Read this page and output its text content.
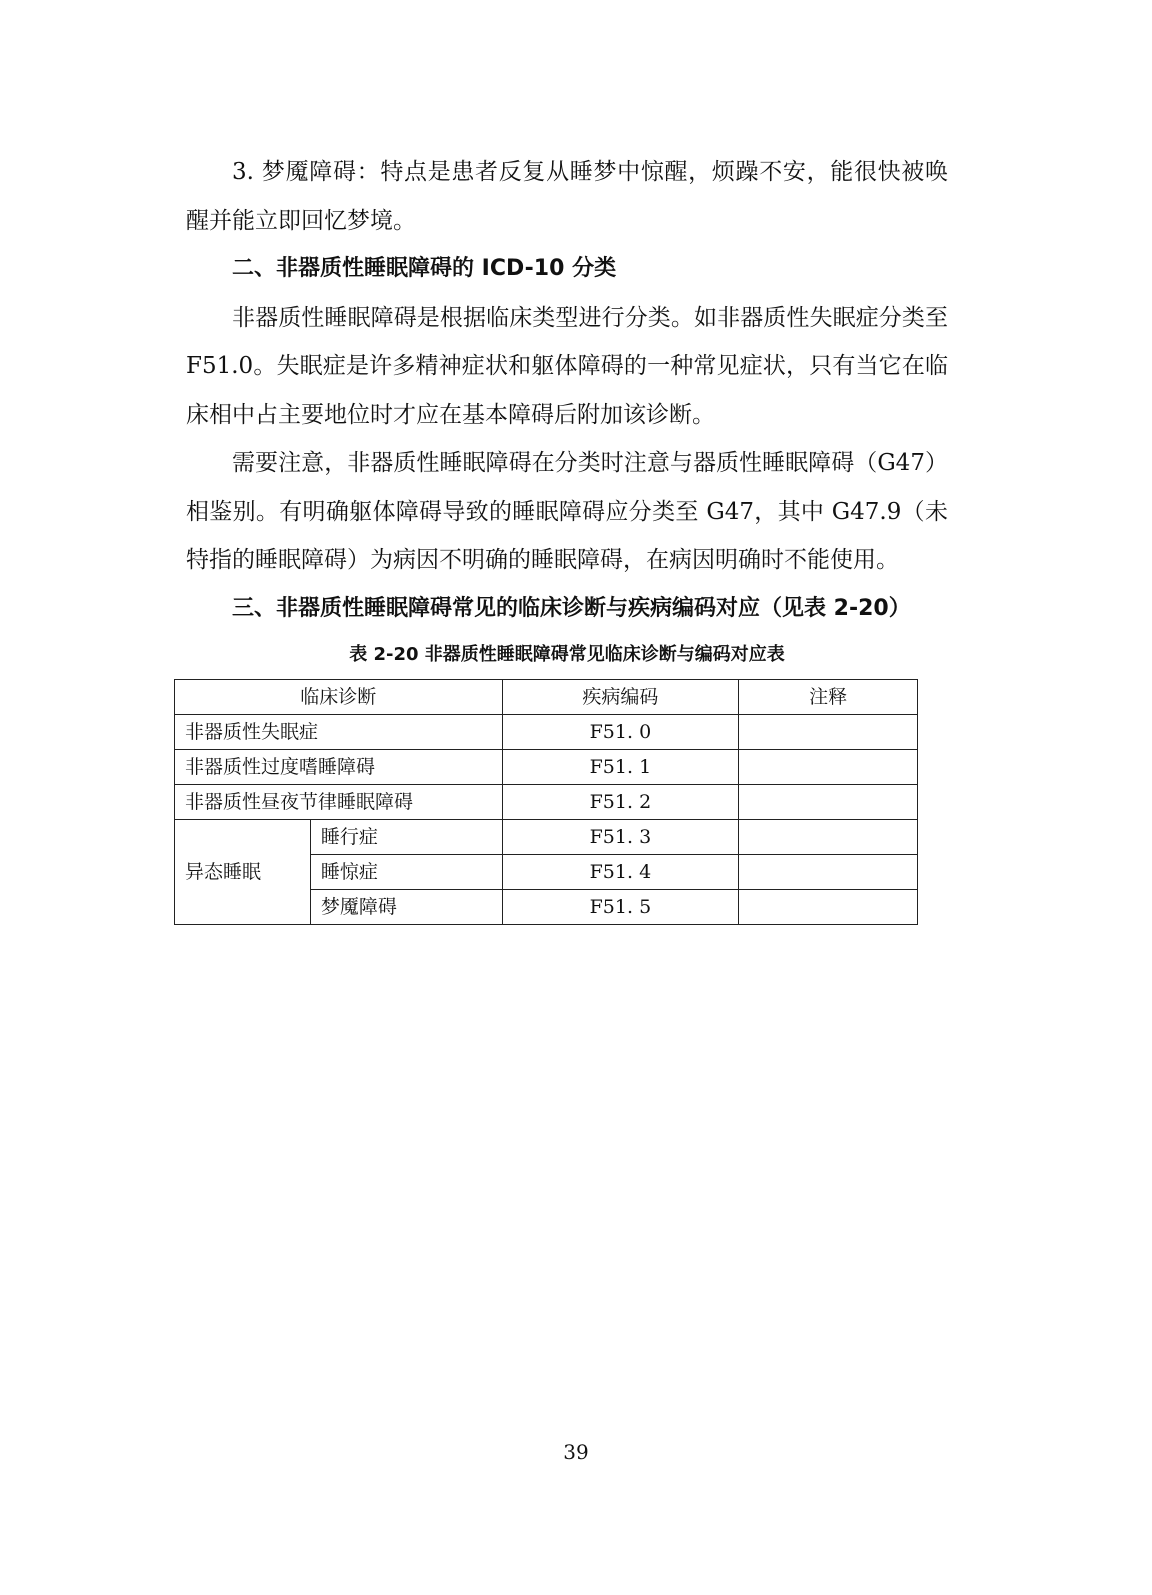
3. 梦魇障碍：特点是患者反复从睡梦中惊醒，烦躁不安，能很快被唤醒并能立即回忆梦境。

二、非器质性睡眠障碍的 ICD-10 分类

非器质性睡眠障碍是根据临床类型进行分类。如非器质性失眠症分类至 F51.0。失眠症是许多精神症状和躯体障碍的一种常见症状，只有当它在临床相中占主要地位时才应在基本障碍后附加该诊断。

需要注意，非器质性睡眠障碍在分类时注意与器质性睡眠障碍（G47）相鉴别。有明确躯体障碍导致的睡眠障碍应分类至 G47，其中 G47.9（未特指的睡眠障碍）为病因不明确的睡眠障碍，在病因明确时不能使用。

三、非器质性睡眠障碍常见的临床诊断与疾病编码对应（见表 2-20）
表 2-20 非器质性睡眠障碍常见临床诊断与编码对应表
临床诊断		疾病编码	注释
非器质性失眠症		F51. 0	
非器质性过度嗜睡障碍		F51. 1	
非器质性昼夜节律睡眠障碍		F51. 2	
异态睡眠	睡行症	F51. 3	
	睡惊症	F51. 4	
	梦魇障碍	F51. 5	
39
